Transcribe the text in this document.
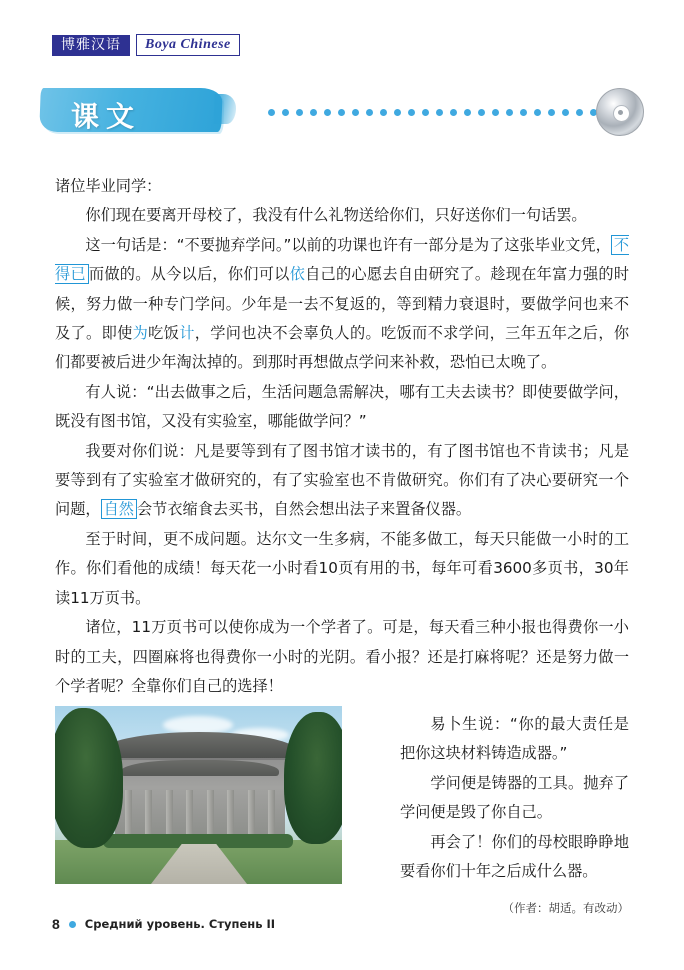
博雅汉语	Boya Chinese
课文

诸位毕业同学：

你们现在要离开母校了，我没有什么礼物送给你们，只好送你们一句话罢。

这一句话是：“不要抛弃学问。”以前的功课也许有一部分是为了这张毕业文凭， 不得已 而做的。从今以后，你们可以依自己的心愿去自由研究了。趁现在年富力强的时候，努力做一种专门学问。少年是一去不复返的，等到精力衰退时，要做学问也来不及了。即使为吃饭计，学问也决不会辜负人的。吃饭而不求学问，三年五年之后，你们都要被后进少年淘汰掉的。到那时再想做点学问来补救，恐怕已太晚了。

有人说：“出去做事之后，生活问题急需解决，哪有工夫去读书？即使要做学问，既没有图书馆，又没有实验室，哪能做学问？”

我要对你们说：凡是要等到有了图书馆才读书的，有了图书馆也不肯读书；凡是要等到有了实验室才做研究的，有了实验室也不肯做研究。你们有了决心要研究一个问题， 自然 会节衣缩食去买书，自然会想出法子来置备仪器。

至于时间，更不成问题。达尔文一生多病，不能多做工，每天只能做一小时的工作。你们看他的成绩！每天花一小时看10页有用的书，每年可看3600多页书，30年读11万页书。

诸位，11万页书可以使你成为一个学者了。可是，每天看三种小报也得费你一小时的工夫，四圈麻将也得费你一小时的光阴。看小报？还是打麻将呢？还是努力做一个学者呢？全靠你们自己的选择！

易卜生说：“你的最大责任是把你这块材料铸造成器。”

学问便是铸器的工具。抛弃了学问便是毁了你自己。

再会了！你们的母校眼睁睁地要看你们十年之后成什么器。

（作者：胡适。有改动）

8 Средний уровень. Ступень II
